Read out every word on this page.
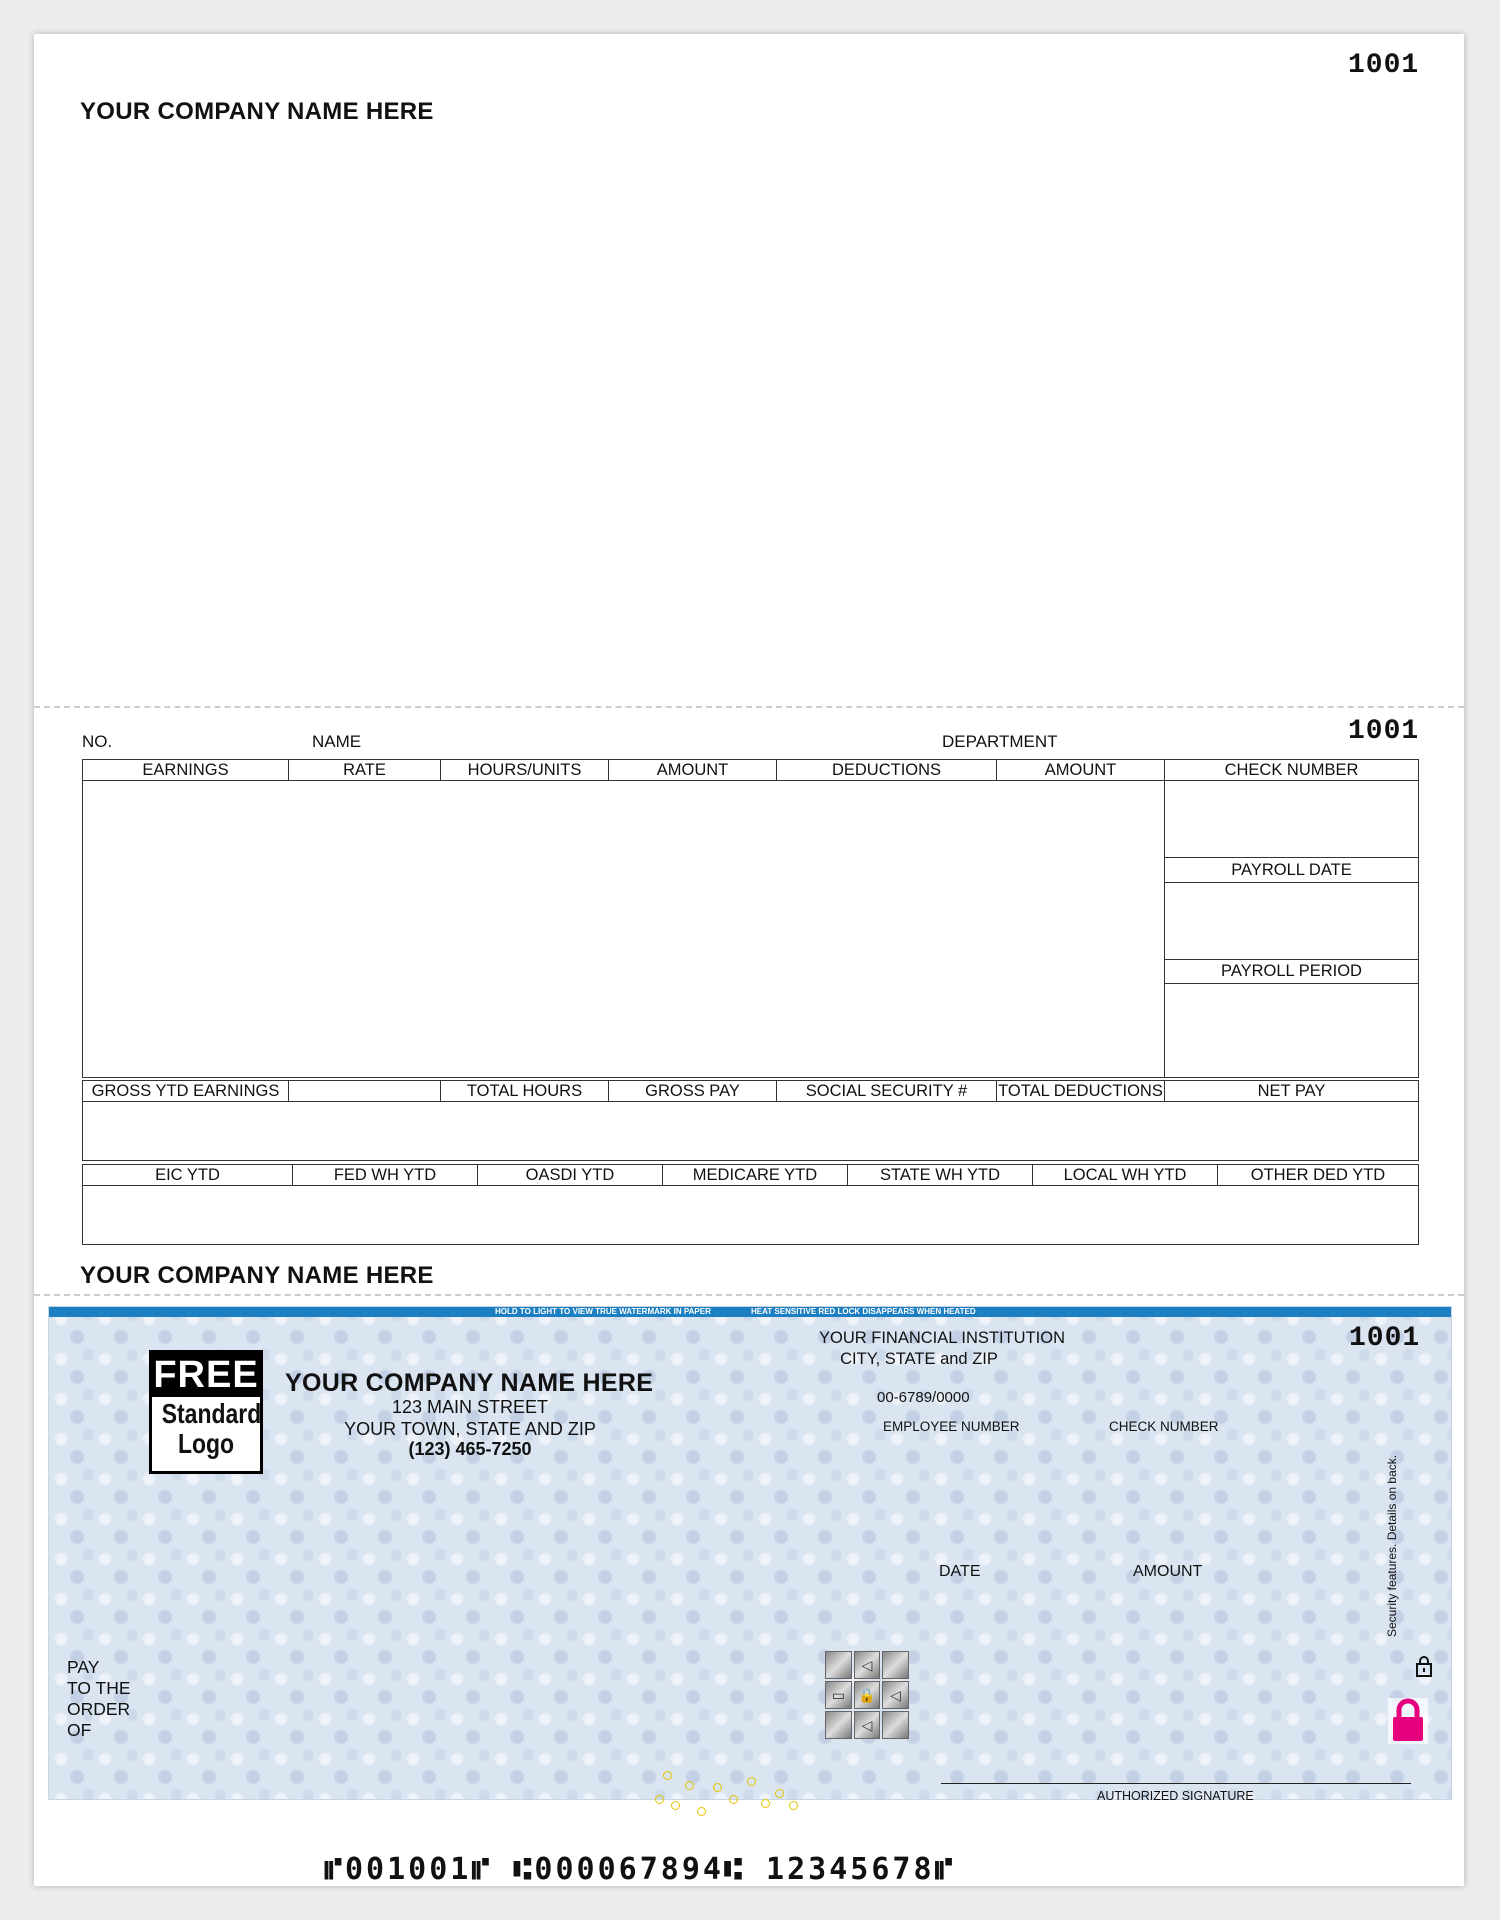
1001
YOUR COMPANY NAME HERE
NO.	NAME	DEPARTMENT	1001
EARNINGS	RATE	HOURS/UNITS	AMOUNT	DEDUCTIONS	AMOUNT	CHECK NUMBER

						PAYROLL DATE

						PAYROLL PERIOD

GROSS YTD EARNINGS		TOTAL HOURS	GROSS PAY	SOCIAL SECURITY #	TOTAL DEDUCTIONS	NET PAY

EIC YTD	FED WH YTD	OASDI YTD	MEDICARE YTD	STATE WH YTD	LOCAL WH YTD	OTHER DED YTD

YOUR COMPANY NAME HERE
HOLD TO LIGHT TO VIEW TRUE WATERMARK IN PAPER	HEAT SENSITIVE RED LOCK DISAPPEARS WHEN HEATED
FREE
Standard
Logo
YOUR COMPANY NAME HERE
123 MAIN STREET
YOUR TOWN, STATE AND ZIP
(123) 465-7250
YOUR FINANCIAL INSTITUTION
CITY, STATE and ZIP
00-6789/0000
1001
EMPLOYEE NUMBER	CHECK NUMBER
DATE	AMOUNT
PAY
TO THE
ORDER
OF
Security features. Details on back.
◁
▭ 🔒	◁
◁
AUTHORIZED SIGNATURE
⑈001001⑈ ⑆000067894⑆ 12345678⑈
